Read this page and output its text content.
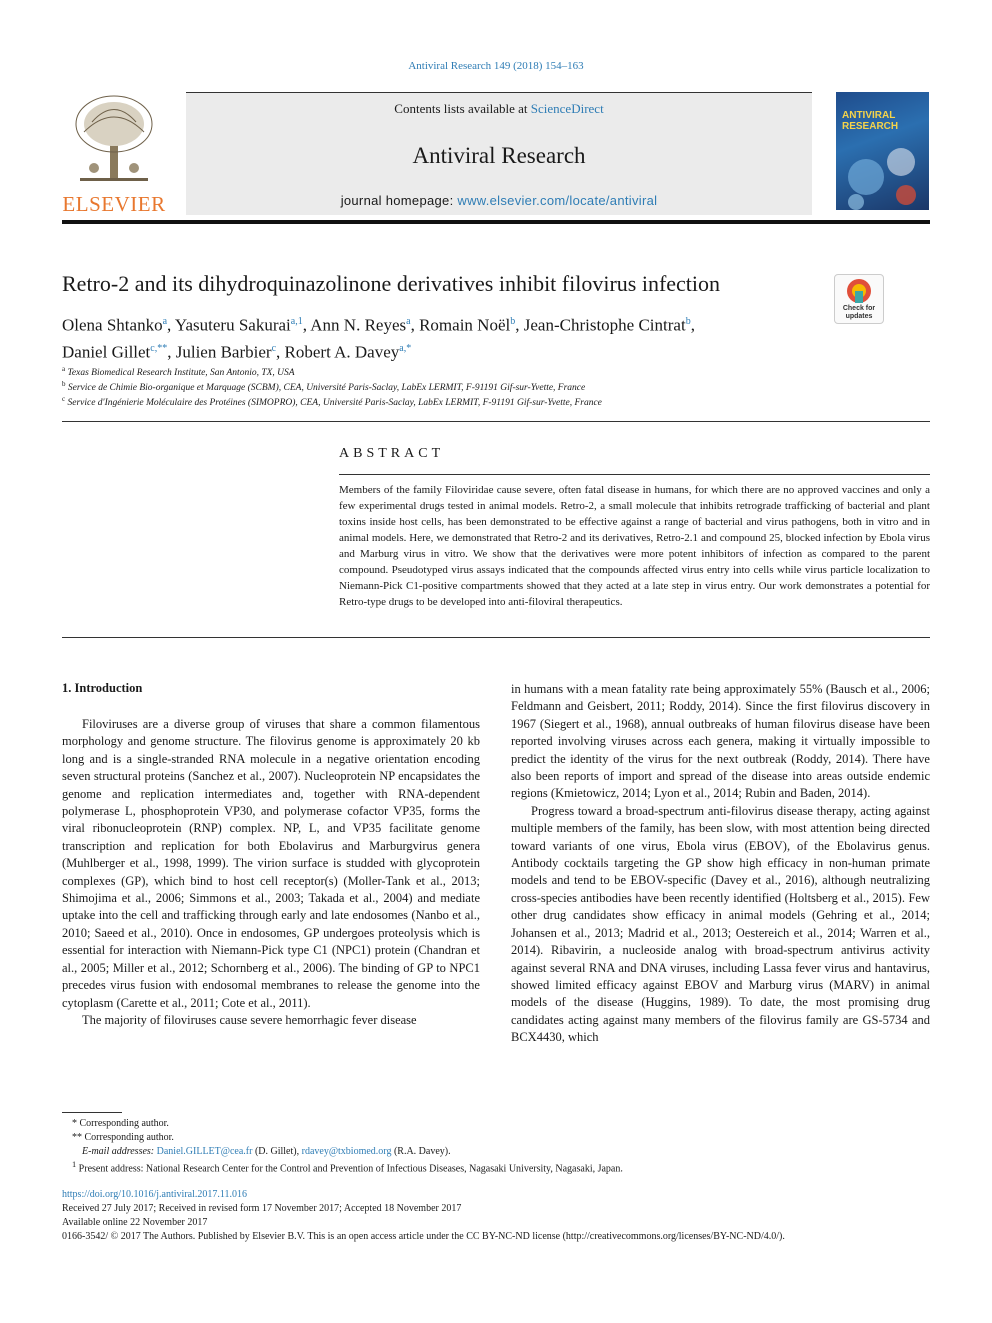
Antiviral Research 149 (2018) 154–163
ELSEVIER
Contents lists available at ScienceDirect
Antiviral Research
journal homepage: www.elsevier.com/locate/antiviral
ANTIVIRAL RESEARCH
Retro-2 and its dihydroquinazolinone derivatives inhibit filovirus infection
Check for updates
Olena Shtanko$^a$, Yasuteru Sakurai$^{a,1}$, Ann N. Reyes$^a$, Romain Noël$^b$, Jean-Christophe Cintrat$^b$,
Daniel Gillet$^{c,**}$, Julien Barbier$^c$, Robert A. Davey$^{a,*}$
$^a$ Texas Biomedical Research Institute, San Antonio, TX, USA
$^b$ Service de Chimie Bio-organique et Marquage (SCBM), CEA, Université Paris-Saclay, LabEx LERMIT, F-91191 Gif-sur-Yvette, France
$^c$ Service d'Ingénierie Moléculaire des Protéines (SIMOPRO), CEA, Université Paris-Saclay, LabEx LERMIT, F-91191 Gif-sur-Yvette, France
ABSTRACT
Members of the family Filoviridae cause severe, often fatal disease in humans, for which there are no approved vaccines and only a few experimental drugs tested in animal models. Retro-2, a small molecule that inhibits retrograde trafficking of bacterial and plant toxins inside host cells, has been demonstrated to be effective against a range of bacterial and virus pathogens, both in vitro and in animal models. Here, we demonstrated that Retro-2 and its derivatives, Retro-2.1 and compound 25, blocked infection by Ebola virus and Marburg virus in vitro. We show that the derivatives were more potent inhibitors of infection as compared to the parent compound. Pseudotyped virus assays indicated that the compounds affected virus entry into cells while virus particle localization to Niemann-Pick C1-positive compartments showed that they acted at a late step in virus entry. Our work demonstrates a potential for Retro-type drugs to be developed into anti-filoviral therapeutics.
1. Introduction

Filoviruses are a diverse group of viruses that share a common filamentous morphology and genome structure. The filovirus genome is approximately 20 kb long and is a single-stranded RNA molecule in a negative orientation encoding seven structural proteins (Sanchez et al., 2007). Nucleoprotein NP encapsidates the genome and replication intermediates and, together with RNA-dependent polymerase L, phosphoprotein VP30, and polymerase cofactor VP35, forms the viral ribonucleoprotein (RNP) complex. NP, L, and VP35 facilitate genome transcription and replication for both Ebolavirus and Marburgvirus genera (Muhlberger et al., 1998, 1999). The virion surface is studded with glycoprotein complexes (GP), which bind to host cell receptor(s) (Moller-Tank et al., 2013; Shimojima et al., 2006; Simmons et al., 2003; Takada et al., 2004) and mediate uptake into the cell and trafficking through early and late endosomes (Nanbo et al., 2010; Saeed et al., 2010). Once in endosomes, GP undergoes proteolysis which is essential for interaction with Niemann-Pick type C1 (NPC1) protein (Chandran et al., 2005; Miller et al., 2012; Schornberg et al., 2006). The binding of GP to NPC1 precedes virus fusion with endosomal membranes to release the genome into the cytoplasm (Carette et al., 2011; Cote et al., 2011).

The majority of filoviruses cause severe hemorrhagic fever disease

in humans with a mean fatality rate being approximately 55% (Bausch et al., 2006; Feldmann and Geisbert, 2011; Roddy, 2014). Since the first filovirus discovery in 1967 (Siegert et al., 1968), annual outbreaks of human filovirus disease have been reported involving viruses across each genera, making it virtually impossible to predict the identity of the virus for the next outbreak (Roddy, 2014). There have also been reports of import and spread of the disease into areas outside endemic regions (Kmietowicz, 2014; Lyon et al., 2014; Rubin and Baden, 2014).

Progress toward a broad-spectrum anti-filovirus disease therapy, acting against multiple members of the family, has been slow, with most attention being directed toward variants of one virus, Ebola virus (EBOV), of the Ebolavirus genus. Antibody cocktails targeting the GP show high efficacy in non-human primate models and tend to be EBOV-specific (Davey et al., 2016), although neutralizing cross-species antibodies have been recently identified (Holtsberg et al., 2015). Few other drug candidates show efficacy in animal models (Gehring et al., 2014; Johansen et al., 2013; Madrid et al., 2013; Oestereich et al., 2014; Warren et al., 2014). Ribavirin, a nucleoside analog with broad-spectrum antivirus activity against several RNA and DNA viruses, including Lassa fever virus and hantavirus, showed limited efficacy against EBOV and Marburg virus (MARV) in animal models of the disease (Huggins, 1989). To date, the most promising drug candidates acting against many members of the filovirus family are GS-5734 and BCX4430, which

* Corresponding author.
** Corresponding author.
E-mail addresses: Daniel.GILLET@cea.fr (D. Gillet), rdavey@txbiomed.org (R.A. Davey).
$^1$ Present address: National Research Center for the Control and Prevention of Infectious Diseases, Nagasaki University, Nagasaki, Japan.
https://doi.org/10.1016/j.antiviral.2017.11.016
Received 27 July 2017; Received in revised form 17 November 2017; Accepted 18 November 2017
Available online 22 November 2017
0166-3542/ © 2017 The Authors. Published by Elsevier B.V. This is an open access article under the CC BY-NC-ND license (http://creativecommons.org/licenses/BY-NC-ND/4.0/).
